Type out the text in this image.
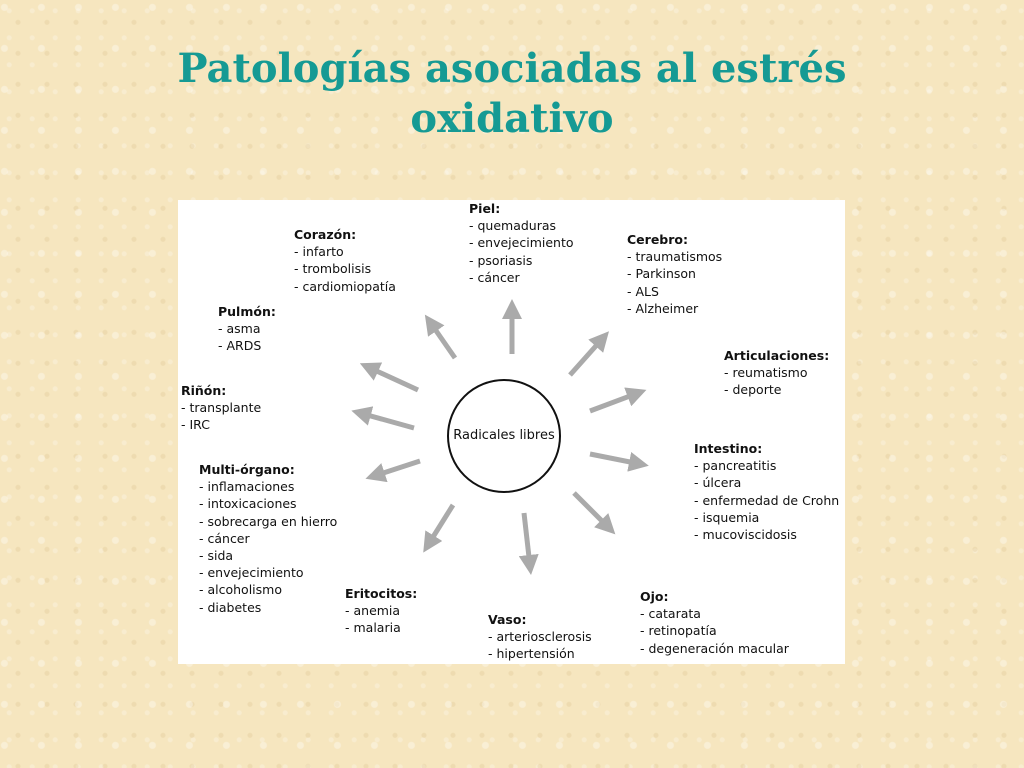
Patologías asociadas al estrés
oxidativo
Radicales libres
Piel:
- quemaduras
- envejecimiento
- psoriasis
- cáncer
Corazón:
- infarto
- trombolisis
- cardiomiopatía
Cerebro:
- traumatismos
- Parkinson
- ALS
- Alzheimer
Pulmón:
- asma
- ARDS
Articulaciones:
- reumatismo
- deporte
Riñón:
- transplante
- IRC
Intestino:
- pancreatitis
- úlcera
- enfermedad de Crohn
- isquemia
- mucoviscidosis
Multi-órgano:
- inflamaciones
- intoxicaciones
- sobrecarga en hierro
- cáncer
- sida
- envejecimiento
- alcoholismo
- diabetes
Eritocitos:
- anemia
- malaria
Vaso:
- arteriosclerosis
- hipertensión
Ojo:
- catarata
- retinopatía
- degeneración macular
